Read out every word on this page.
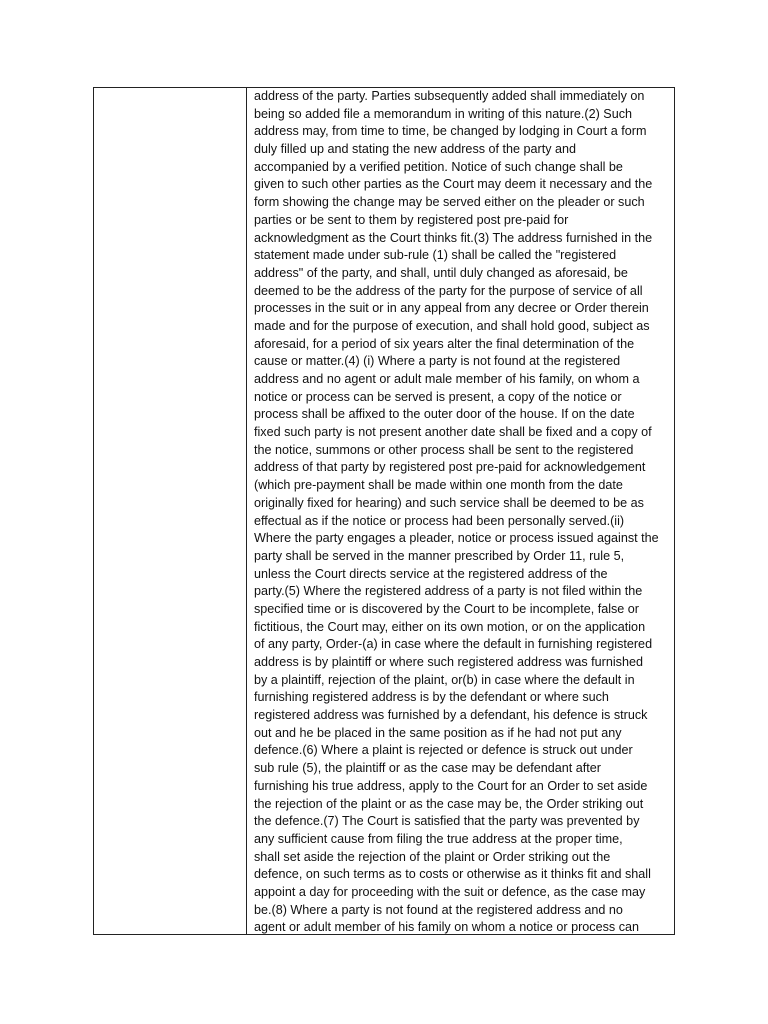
address of the party. Parties subsequently added shall immediately on
being so added file a memorandum in writing of this nature.(2) Such
address may, from time to time, be changed by lodging in Court a form
duly filled up and stating the new address of the party and
accompanied by a verified petition. Notice of such change shall be
given to such other parties as the Court may deem it necessary and the
form showing the change may be served either on the pleader or such
parties or be sent to them by registered post pre-paid for
acknowledgment as the Court thinks fit.(3) The address furnished in the
statement made under sub-rule (1) shall be called the "registered
address" of the party, and shall, until duly changed as aforesaid, be
deemed to be the address of the party for the purpose of service of all
processes in the suit or in any appeal from any decree or Order therein
made and for the purpose of execution, and shall hold good, subject as
aforesaid, for a period of six years alter the final determination of the
cause or matter.(4) (i) Where a party is not found at the registered
address and no agent or adult male member of his family, on whom a
notice or process can be served is present, a copy of the notice or
process shall be affixed to the outer door of the house. If on the date
fixed such party is not present another date shall be fixed and a copy of
the notice, summons or other process shall be sent to the registered
address of that party by registered post pre-paid for acknowledgement
(which pre-payment shall be made within one month from the date
originally fixed for hearing) and such service shall be deemed to be as
effectual as if the notice or process had been personally served.(ii)
Where the party engages a pleader, notice or process issued against the
party shall be served in the manner prescribed by Order 11, rule 5,
unless the Court directs service at the registered address of the
party.(5) Where the registered address of a party is not filed within the
specified time or is discovered by the Court to be incomplete, false or
fictitious, the Court may, either on its own motion, or on the application
of any party, Order-(a) in case where the default in furnishing registered
address is by plaintiff or where such registered address was furnished
by a plaintiff, rejection of the plaint, or(b) in case where the default in
furnishing registered address is by the defendant or where such
registered address was furnished by a defendant, his defence is struck
out and he be placed in the same position as if he had not put any
defence.(6) Where a plaint is rejected or defence is struck out under
sub rule (5), the plaintiff or as the case may be defendant after
furnishing his true address, apply to the Court for an Order to set aside
the rejection of the plaint or as the case may be, the Order striking out
the defence.(7) The Court is satisfied that the party was prevented by
any sufficient cause from filing the true address at the proper time,
shall set aside the rejection of the plaint or Order striking out the
defence, on such terms as to costs or otherwise as it thinks fit and shall
appoint a day for proceeding with the suit or defence, as the case may
be.(8) Where a party is not found at the registered address and no
agent or adult member of his family on whom a notice or process can
